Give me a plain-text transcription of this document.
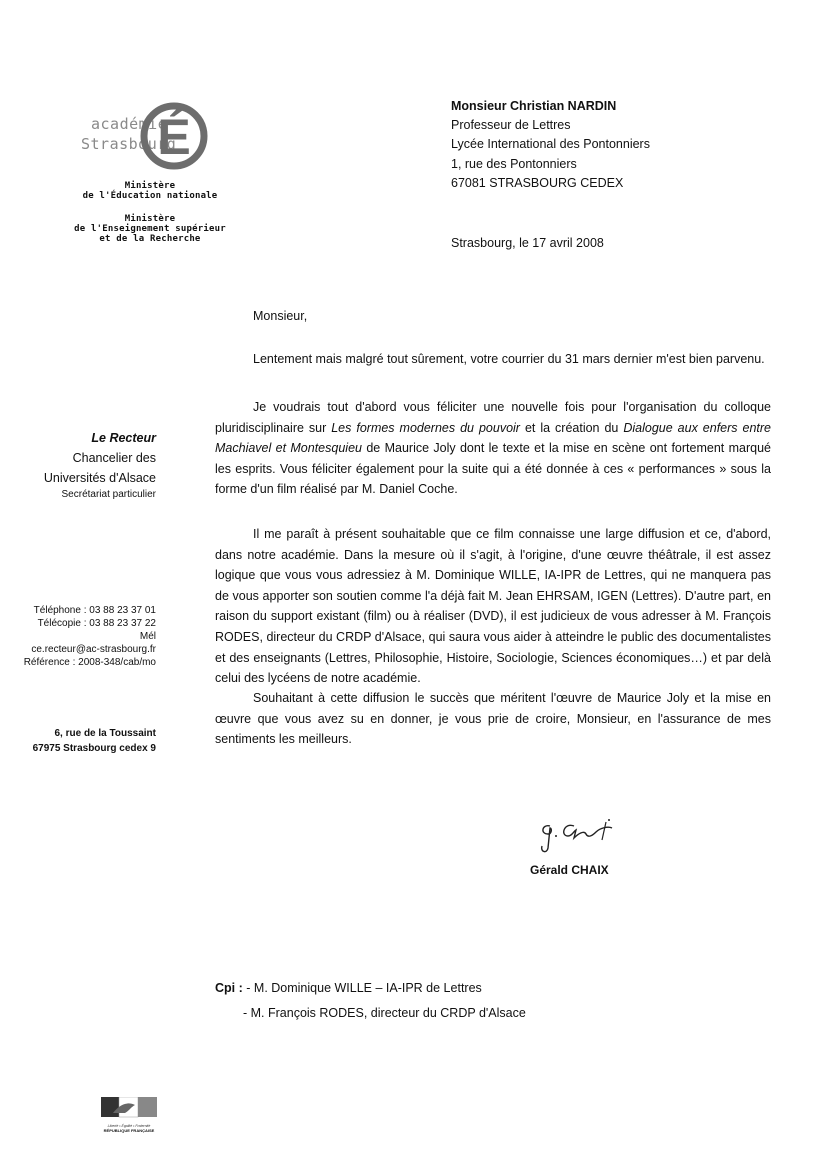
académie
Strasbourg
É
Ministère
de l'Éducation nationale
Ministère
de l'Enseignement supérieur
et de la Recherche
Monsieur Christian NARDIN
Professeur de Lettres
Lycée International des Pontonniers
1, rue des Pontonniers
67081 STRASBOURG CEDEX
Strasbourg, le 17 avril 2008
Le Recteur
Chancelier des
Universités d'Alsace
Secrétariat particulier
Téléphone : 03 88 23 37 01
Télécopie : 03 88 23 37 22
Mél
ce.recteur@ac-strasbourg.fr
Référence : 2008-348/cab/mo
6, rue de la Toussaint
67975 Strasbourg cedex 9
Monsieur,
Lentement mais malgré tout sûrement, votre courrier du 31 mars dernier m'est bien parvenu.
Je voudrais tout d'abord vous féliciter une nouvelle fois pour l'organisation du colloque pluridisciplinaire sur Les formes modernes du pouvoir et la création du Dialogue aux enfers entre Machiavel et Montesquieu de Maurice Joly dont le texte et la mise en scène ont fortement marqué les esprits. Vous féliciter également pour la suite qui a été donnée à ces « performances » sous la forme d'un film réalisé par M. Daniel Coche.
Il me paraît à présent souhaitable que ce film connaisse une large diffusion et ce, d'abord, dans notre académie. Dans la mesure où il s'agit, à l'origine, d'une œuvre théâtrale, il est assez logique que vous vous adressiez à M. Dominique WILLE, IA-IPR de Lettres, qui ne manquera pas de vous apporter son soutien comme l'a déjà fait M. Jean EHRSAM, IGEN (Lettres). D'autre part, en raison du support existant (film) ou à réaliser (DVD), il est judicieux de vous adresser à M. François RODES, directeur du CRDP d'Alsace, qui saura vous aider à atteindre le public des documentalistes et des enseignants (Lettres, Philosophie, Histoire, Sociologie, Sciences économiques…) et par delà celui des lycéens de notre académie.
Souhaitant à cette diffusion le succès que méritent l'œuvre de Maurice Joly et la mise en œuvre que vous avez su en donner, je vous prie de croire, Monsieur, en l'assurance de mes sentiments les meilleurs.
Gérald CHAIX
Cpi : - M. Dominique WILLE – IA-IPR de Lettres
- M. François RODES, directeur du CRDP d'Alsace
Liberté • Égalité • Fraternité
RÉPUBLIQUE FRANÇAISE
